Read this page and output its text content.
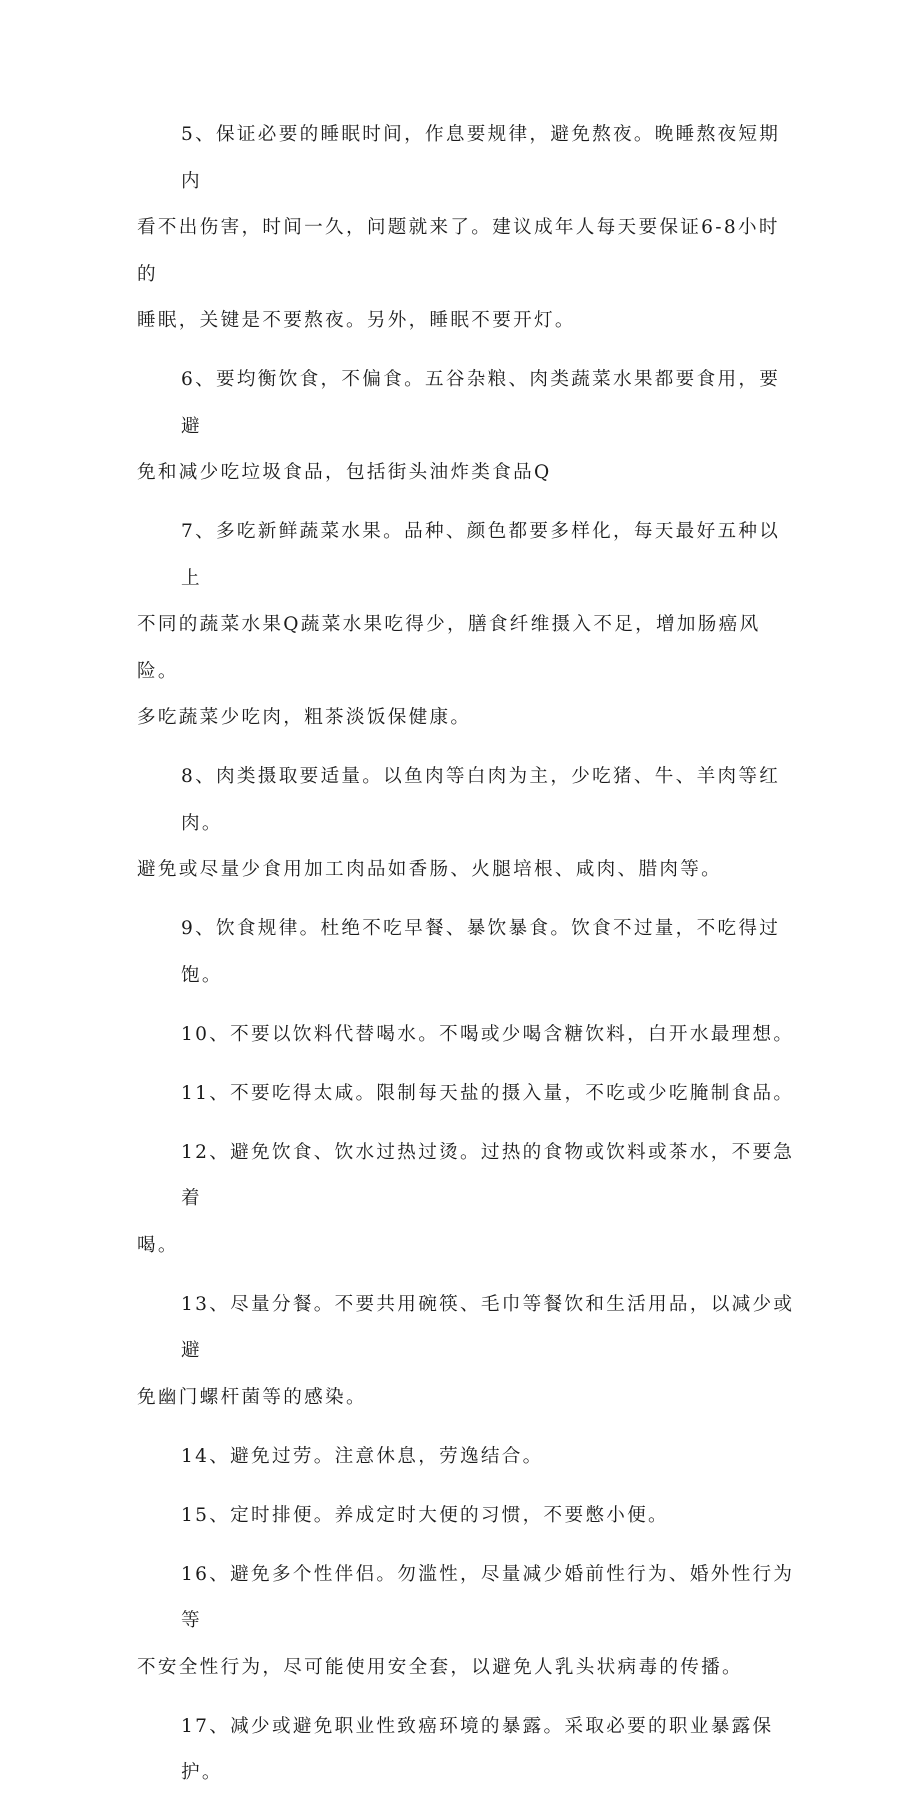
5、保证必要的睡眠时间，作息要规律，避免熬夜。晚睡熬夜短期内
看不出伤害，时间一久，问题就来了。建议成年人每天要保证6-8小时的
睡眠，关键是不要熬夜。另外，睡眠不要开灯。

6、要均衡饮食，不偏食。五谷杂粮、肉类蔬菜水果都要食用，要避
免和减少吃垃圾食品，包括街头油炸类食品Q

7、多吃新鲜蔬菜水果。品种、颜色都要多样化，每天最好五种以上
不同的蔬菜水果Q蔬菜水果吃得少，膳食纤维摄入不足，增加肠癌风险。
多吃蔬菜少吃肉，粗茶淡饭保健康。

8、肉类摄取要适量。以鱼肉等白肉为主，少吃猪、牛、羊肉等红肉。
避免或尽量少食用加工肉品如香肠、火腿培根、咸肉、腊肉等。

9、饮食规律。杜绝不吃早餐、暴饮暴食。饮食不过量，不吃得过饱。

10、不要以饮料代替喝水。不喝或少喝含糖饮料，白开水最理想。

11、不要吃得太咸。限制每天盐的摄入量，不吃或少吃腌制食品。

12、避免饮食、饮水过热过烫。过热的食物或饮料或茶水，不要急着
喝。

13、尽量分餐。不要共用碗筷、毛巾等餐饮和生活用品，以减少或避
免幽门螺杆菌等的感染。

14、避免过劳。注意休息，劳逸结合。

15、定时排便。养成定时大便的习惯，不要憋小便。

16、避免多个性伴侣。勿滥性，尽量减少婚前性行为、婚外性行为等
不安全性行为，尽可能使用安全套，以避免人乳头状病毒的传播。

17、减少或避免职业性致癌环境的暴露。采取必要的职业暴露保护。
